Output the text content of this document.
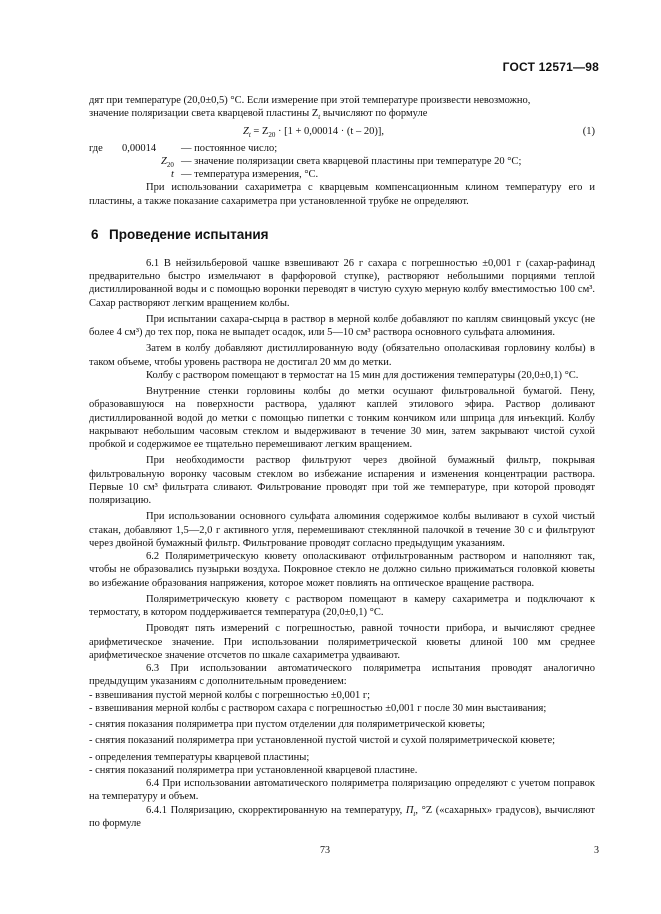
ГОСТ 12571—98

дят при температуре (20,0±0,5) °С. Если измерение при этой температуре произвести невозможно,

значение поляризации света кварцевой пластины $Z_t$ вычисляют по формуле

$Z_t = Z_{20} \cdot [1 + 0,00014 \cdot (t - 20)]$,	(1)
где 0,00014 — постоянное число;
$Z_{20}$ — значение поляризации света кварцевой пластины при температуре 20 °С;
t — температура измерения, °С.

При использовании сахариметра с кварцевым компенсационным клином температуру его и пластины, а также показание сахариметра при установленной трубке не определяют.

6 Проведение испытания

6.1 В нейзильберовой чашке взвешивают 26 г сахара с погрешностью ±0,001 г (сахар-рафинад предварительно быстро измельчают в фарфоровой ступке), растворяют небольшими порциями теплой дистиллированной воды и с помощью воронки переводят в чистую сухую мерную колбу вместимостью 100 см³. Сахар растворяют легким вращением колбы.

При испытании сахара-сырца в раствор в мерной колбе добавляют по каплям свинцовый уксус (не более 4 см³) до тех пор, пока не выпадет осадок, или 5—10 см³ раствора основного сульфата алюминия.

Затем в колбу добавляют дистиллированную воду (обязательно ополаскивая горловину колбы) в таком объеме, чтобы уровень раствора не достигал 20 мм до метки.

Колбу с раствором помещают в термостат на 15 мин для достижения температуры (20,0±0,1) °С.

Внутренние стенки горловины колбы до метки осушают фильтровальной бумагой. Пену, образовавшуюся на поверхности раствора, удаляют каплей этилового эфира. Раствор доливают дистиллированной водой до метки с помощью пипетки с тонким кончиком или шприца для инъекций. Колбу накрывают небольшим часовым стеклом и выдерживают в течение 30 мин, затем закрывают чистой сухой пробкой и содержимое ее тщательно перемешивают легким вращением.

При необходимости раствор фильтруют через двойной бумажный фильтр, покрывая фильтровальную воронку часовым стеклом во избежание испарения и изменения концентрации раствора. Первые 10 см³ фильтрата сливают. Фильтрование проводят при той же температуре, при которой проводят поляризацию.

При использовании основного сульфата алюминия содержимое колбы выливают в сухой чистый стакан, добавляют 1,5—2,0 г активного угля, перемешивают стеклянной палочкой в течение 30 с и фильтруют через двойной бумажный фильтр. Фильтрование проводят согласно предыдущим указаниям.

6.2 Поляриметрическую кювету ополаскивают отфильтрованным раствором и наполняют так, чтобы не образовались пузырьки воздуха. Покровное стекло не должно сильно прижиматься головкой кюветы во избежание образования напряжения, которое может повлиять на оптическое вращение раствора.

Поляриметрическую кювету с раствором помещают в камеру сахариметра и подключают к термостату, в котором поддерживается температура (20,0±0,1) °С.

Проводят пять измерений с погрешностью, равной точности прибора, и вычисляют среднее арифметическое значение. При использовании поляриметрической кюветы длиной 100 мм среднее арифметическое значение отсчетов по шкале сахариметра удваивают.

6.3 При использовании автоматического поляриметра испытания проводят аналогично предыдущим указаниям с дополнительным проведением:

- взвешивания пустой мерной колбы с погрешностью ±0,001 г;

- взвешивания мерной колбы с раствором сахара с погрешностью ±0,001 г после 30 мин выстаивания;

- снятия показания поляриметра при пустом отделении для поляриметрической кюветы;

- снятия показаний поляриметра при установленной пустой чистой и сухой поляриметрической кювете;

- определения температуры кварцевой пластины;

- снятия показаний поляриметра при установленной кварцевой пластине.

6.4 При использовании автоматического поляриметра поляризацию определяют с учетом поправок на температуру и объем.

6.4.1 Поляризацию, скорректированную на температуру, $П_t$, °Z («сахарных» градусов), вычисляют по формуле

73	3
